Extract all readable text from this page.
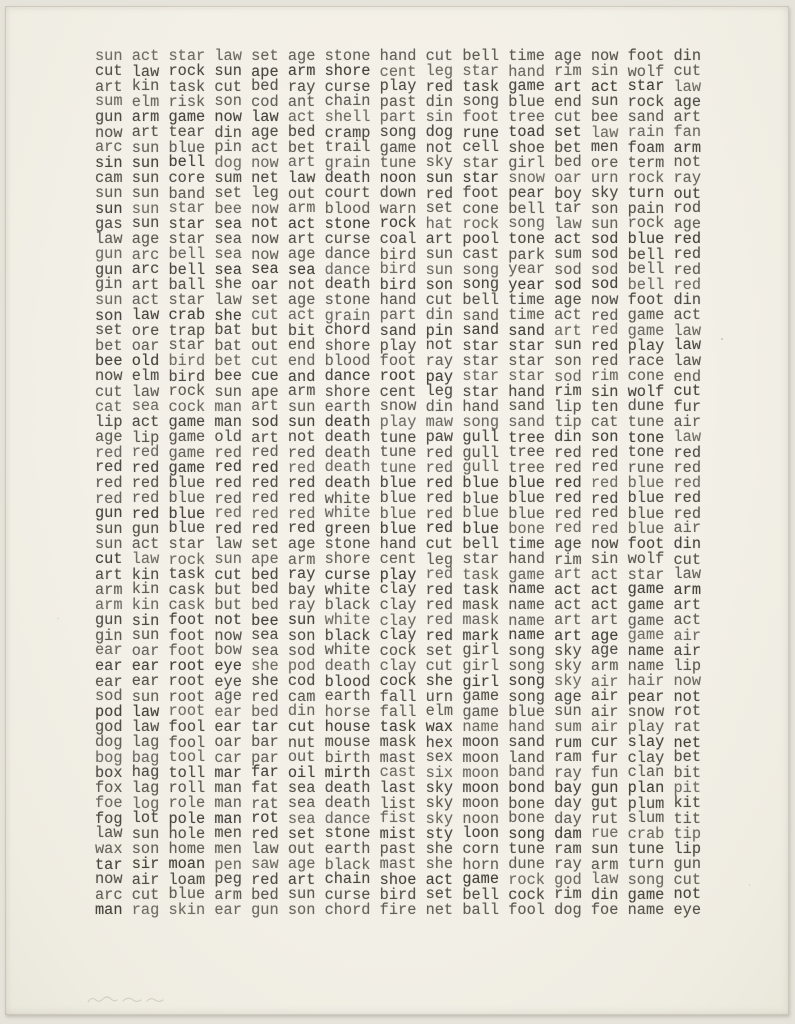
sun act star law set age stone hand cut bell time age now foot din
cut law rock sun ape arm shore cent leg star hand rim sin wolf cut
art kin task cut bed ray curse play red task game art act star law
sum elm risk son cod ant chain past din song blue end sun rock age
gun arm game now law act shell part sin foot tree cut bee sand art
now art tear din age bed cramp song dog rune toad set law rain fan
arc sun blue pin act bet trail game not cell shoe bet men foam arm
sin sun bell dog now art grain tune sky star girl bed ore term not
cam sun core sum net law death noon sun star snow oar urn rock ray
sun sun band set leg out court down red foot pear boy sky turn out
sun sun star bee now arm blood warn set cone bell tar son pain rod
gas sun star sea not act stone rock hat rock song law sun rock age
law age star sea now art curse coal art pool tone act sod blue red
gun arc bell sea now age dance bird sun cast park sum sod bell red
gun arc bell sea sea sea dance bird sun song year sod sod bell red
gin art ball she oar not death bird son song year sod sod bell red
sun act star law set age stone hand cut bell time age now foot din
son law crab she cut act grain part din sand time act red game act
set ore trap bat but bit chord sand pin sand sand art red game law
bet oar star bat out end shore play not star star sun red play law
bee old bird bet cut end blood foot ray star star son red race law
now elm bird bee cue and dance root pay star star sod rim cone end
cut law rock sun ape arm shore cent leg star hand rim sin wolf cut
cat sea cock man art sun earth snow din hand sand lip ten dune fur
lip act game man sod sun death play maw song sand tip cat tune air
age lip game old art not death tune paw gull tree din son tone law
red red game red red red death tune red gull tree red red tone red
red red game red red red death tune red gull tree red red rune red
red red blue red red red death blue red blue blue red red blue red
red red blue red red red white blue red blue blue red red blue red
gun red blue red red red white blue red blue blue red red blue red
sun gun blue red red red green blue red blue bone red red blue air
sun act star law set age stone hand cut bell time age now foot din
cut law rock sun ape arm shore cent leg star hand rim sin wolf cut
art kin task cut bed ray curse play red task game art act star law
arm kin cask but bed bay white clay red task name act act game arm
arm kin cask but bed ray black clay red mask name act act game art
gun sin foot not bee sun white clay red mask name art art game act
gin sun foot now sea son black clay red mark name art age game air
ear oar foot bow sea sod white cock set girl song sky age name air
ear ear root eye she pod death clay cut girl song sky arm name lip
ear ear root eye she cod blood cock she girl song sky air hair now
sod sun root age red cam earth fall urn game song age air pear not
pod law root ear bed din horse fall elm game blue sun air snow rot
god law fool ear tar cut house task wax name hand sum air play rat
dog lag fool oar bar nut mouse mask hex moon sand rum cur slay net
bog bag tool car par out birth mast sex moon land ram fur clay bet
box hag toll mar far oil mirth cast six moon band ray fun clan bit
fox lag roll man fat sea death last sky moon bond bay gun plan pit
foe log role man rat sea death list sky moon bone day gut plum kit
fog lot pole man rot sea dance fist sky noon bone day rut slum tit
law sun hole men red set stone mist sty loon song dam rue crab tip
wax son home men law out earth past she corn tune ram sun tune lip
tar sir moan pen saw age black mast she horn dune ray arm turn gun
now air loam peg red art chain shoe act game rock god law song cut
arc cut blue arm bed sun curse bird set bell cock rim din game not
man rag skin ear gun son chord fire net ball fool dog foe name eye
